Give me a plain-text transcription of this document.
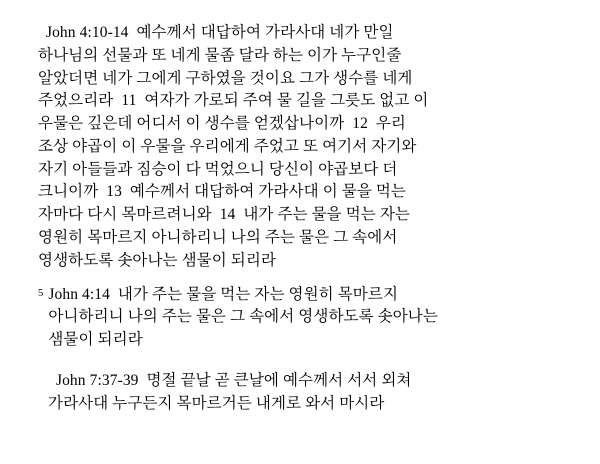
John 4:10-14  예수께서 대답하여 가라사대 네가 만일
하나님의 선물과 또 네게 물좀 달라 하는 이가 누구인줄
알았더면 네가 그에게 구하였을 것이요 그가 생수를 네게
주었으리라  11  여자가 가로되 주여 물 길을 그릇도 없고 이
우물은 깊은데 어디서 이 생수를 얻겠삽나이까  12  우리
조상 야곱이 이 우물을 우리에게 주었고 또 여기서 자기와
자기 아들들과 짐승이 다 먹었으니 당신이 야곱보다 더
크니이까  13  예수께서 대답하여 가라사대 이 물을 먹는
자마다 다시 목마르려니와  14  내가 주는 물을 먹는 자는
영원히 목마르지 아니하리니 나의 주는 물은 그 속에서
영생하도록 솟아나는 샘물이 되리라
5 John 4:14  내가 주는 물을 먹는 자는 영원히 목마르지
아니하리니 나의 주는 물은 그 속에서 영생하도록 솟아나는
샘물이 되리라
John 7:37-39  명절 끝날 곧 큰날에 예수께서 서서 외쳐
가라사대 누구든지 목마르거든 내게로 와서 마시라
